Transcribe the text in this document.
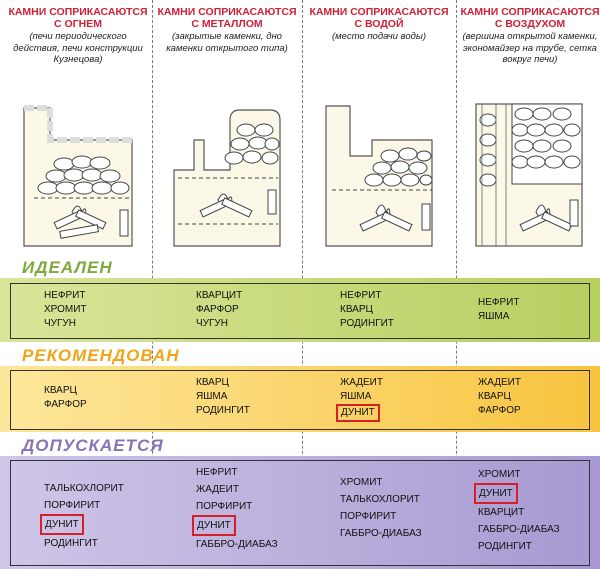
КАМНИ СОПРИКАСАЮТСЯ С ОГНЕМ
(печи периодического действия, печи конструкции Кузнецова)
КАМНИ СОПРИКАСАЮТСЯ С МЕТАЛЛОМ
(закрытые каменки, дно каменки открытого типа)
КАМНИ СОПРИКАСАЮТСЯ С ВОДОЙ
(место подачи воды)
КАМНИ СОПРИКАСАЮТСЯ С ВОЗДУХОМ
(вершина открытой каменки, экономайзер на трубе, сетка вокруг печи)
ИДЕАЛЕН
НЕФРИТ
ХРОМИТ
ЧУГУН
КВАРЦИТ
ФАРФОР
ЧУГУН
НЕФРИТ
КВАРЦ
РОДИНГИТ
НЕФРИТ
ЯШМА
РЕКОМЕНДОВАН
КВАРЦ
ФАРФОР
КВАРЦ
ЯШМА
РОДИНГИТ
ЖАДЕИТ
ЯШМА
ДУНИТ
ЖАДЕИТ
КВАРЦ
ФАРФОР
ДОПУСКАЕТСЯ
ТАЛЬКОХЛОРИТ
ПОРФИРИТ
ДУНИТ
РОДИНГИТ
НЕФРИТ
ЖАДЕИТ
ПОРФИРИТ
ДУНИТ
ГАББРО-ДИАБАЗ
ХРОМИТ
ТАЛЬКОХЛОРИТ
ПОРФИРИТ
ГАББРО-ДИАБАЗ
ХРОМИТ
ДУНИТ
КВАРЦИТ
ГАББРО-ДИАБАЗ
РОДИНГИТ
